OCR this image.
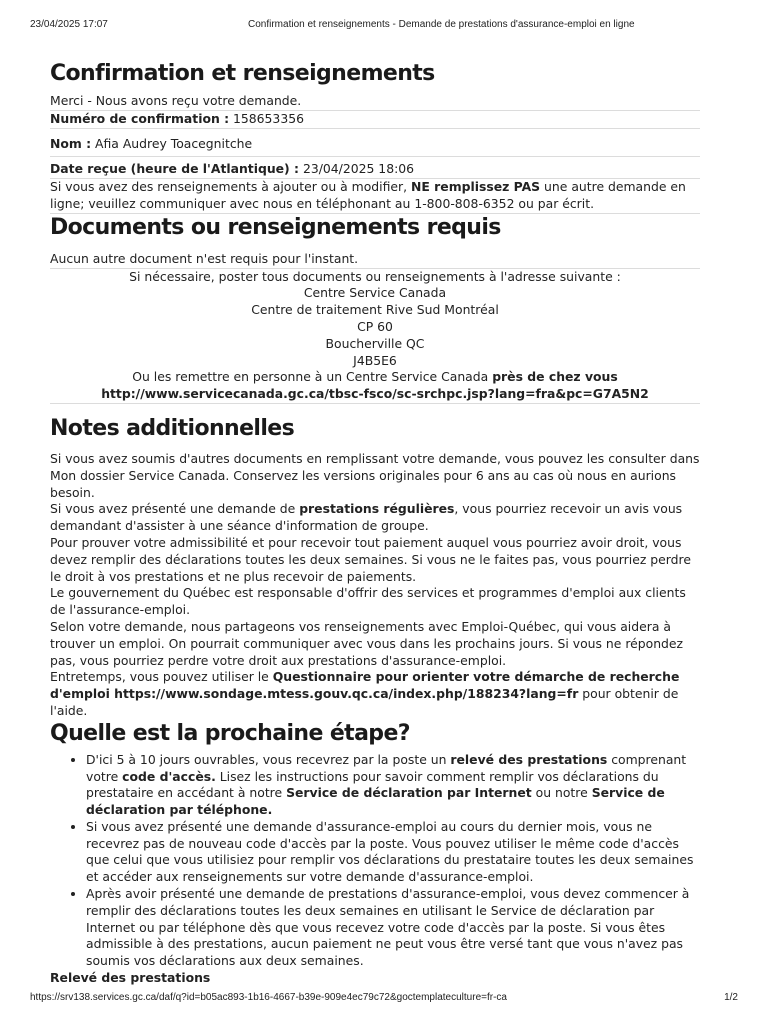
23/04/2025 17:07	Confirmation et renseignements - Demande de prestations d'assurance-emploi en ligne
Confirmation et renseignements

Merci - Nous avons reçu votre demande.

Numéro de confirmation : 158653356

Nom : Afia Audrey Toacegnitche

Date reçue (heure de l'Atlantique) : 23/04/2025 18:06

Si vous avez des renseignements à ajouter ou à modifier, NE remplissez PAS une autre demande en ligne; veuillez communiquer avec nous en téléphonant au 1-800-808-6352 ou par écrit.

Documents ou renseignements requis

Aucun autre document n'est requis pour l'instant.

Si nécessaire, poster tous documents ou renseignements à l'adresse suivante :

Centre Service Canada

Centre de traitement Rive Sud Montréal

CP 60

Boucherville QC

J4B5E6

Ou les remettre en personne à un Centre Service Canada près de chez vous

http://www.servicecanada.gc.ca/tbsc-fsco/sc-srchpc.jsp?lang=fra&pc=G7A5N2

Notes additionnelles

Si vous avez soumis d'autres documents en remplissant votre demande, vous pouvez les consulter dans Mon dossier Service Canada. Conservez les versions originales pour 6 ans au cas où nous en aurions besoin.

Si vous avez présenté une demande de prestations régulières, vous pourriez recevoir un avis vous demandant d'assister à une séance d'information de groupe.

Pour prouver votre admissibilité et pour recevoir tout paiement auquel vous pourriez avoir droit, vous devez remplir des déclarations toutes les deux semaines. Si vous ne le faites pas, vous pourriez perdre le droit à vos prestations et ne plus recevoir de paiements.

Le gouvernement du Québec est responsable d'offrir des services et programmes d'emploi aux clients de l'assurance-emploi.

Selon votre demande, nous partageons vos renseignements avec Emploi-Québec, qui vous aidera à trouver un emploi. On pourrait communiquer avec vous dans les prochains jours. Si vous ne répondez pas, vous pourriez perdre votre droit aux prestations d'assurance-emploi.

Entretemps, vous pouvez utiliser le Questionnaire pour orienter votre démarche de recherche d'emploi https://www.sondage.mtess.gouv.qc.ca/index.php/188234?lang=fr pour obtenir de l'aide.

Quelle est la prochaine étape?
• D'ici 5 à 10 jours ouvrables, vous recevrez par la poste un relevé des prestations comprenant votre code d'accès. Lisez les instructions pour savoir comment remplir vos déclarations du prestataire en accédant à notre Service de déclaration par Internet ou notre Service de déclaration par téléphone.
• Si vous avez présenté une demande d'assurance-emploi au cours du dernier mois, vous ne recevrez pas de nouveau code d'accès par la poste. Vous pouvez utiliser le même code d'accès que celui que vous utilisiez pour remplir vos déclarations du prestataire toutes les deux semaines et accéder aux renseignements sur votre demande d'assurance-emploi.
• Après avoir présenté une demande de prestations d'assurance-emploi, vous devez commencer à remplir des déclarations toutes les deux semaines en utilisant le Service de déclaration par Internet ou par téléphone dès que vous recevez votre code d'accès par la poste. Si vous êtes admissible à des prestations, aucun paiement ne peut vous être versé tant que vous n'avez pas soumis vos déclarations aux deux semaines.

Relevé des prestations

https://srv138.services.gc.ca/daf/q?id=b05ac893-1b16-4667-b39e-909e4ec79c72&goctemplateculture=fr-ca	1/2
